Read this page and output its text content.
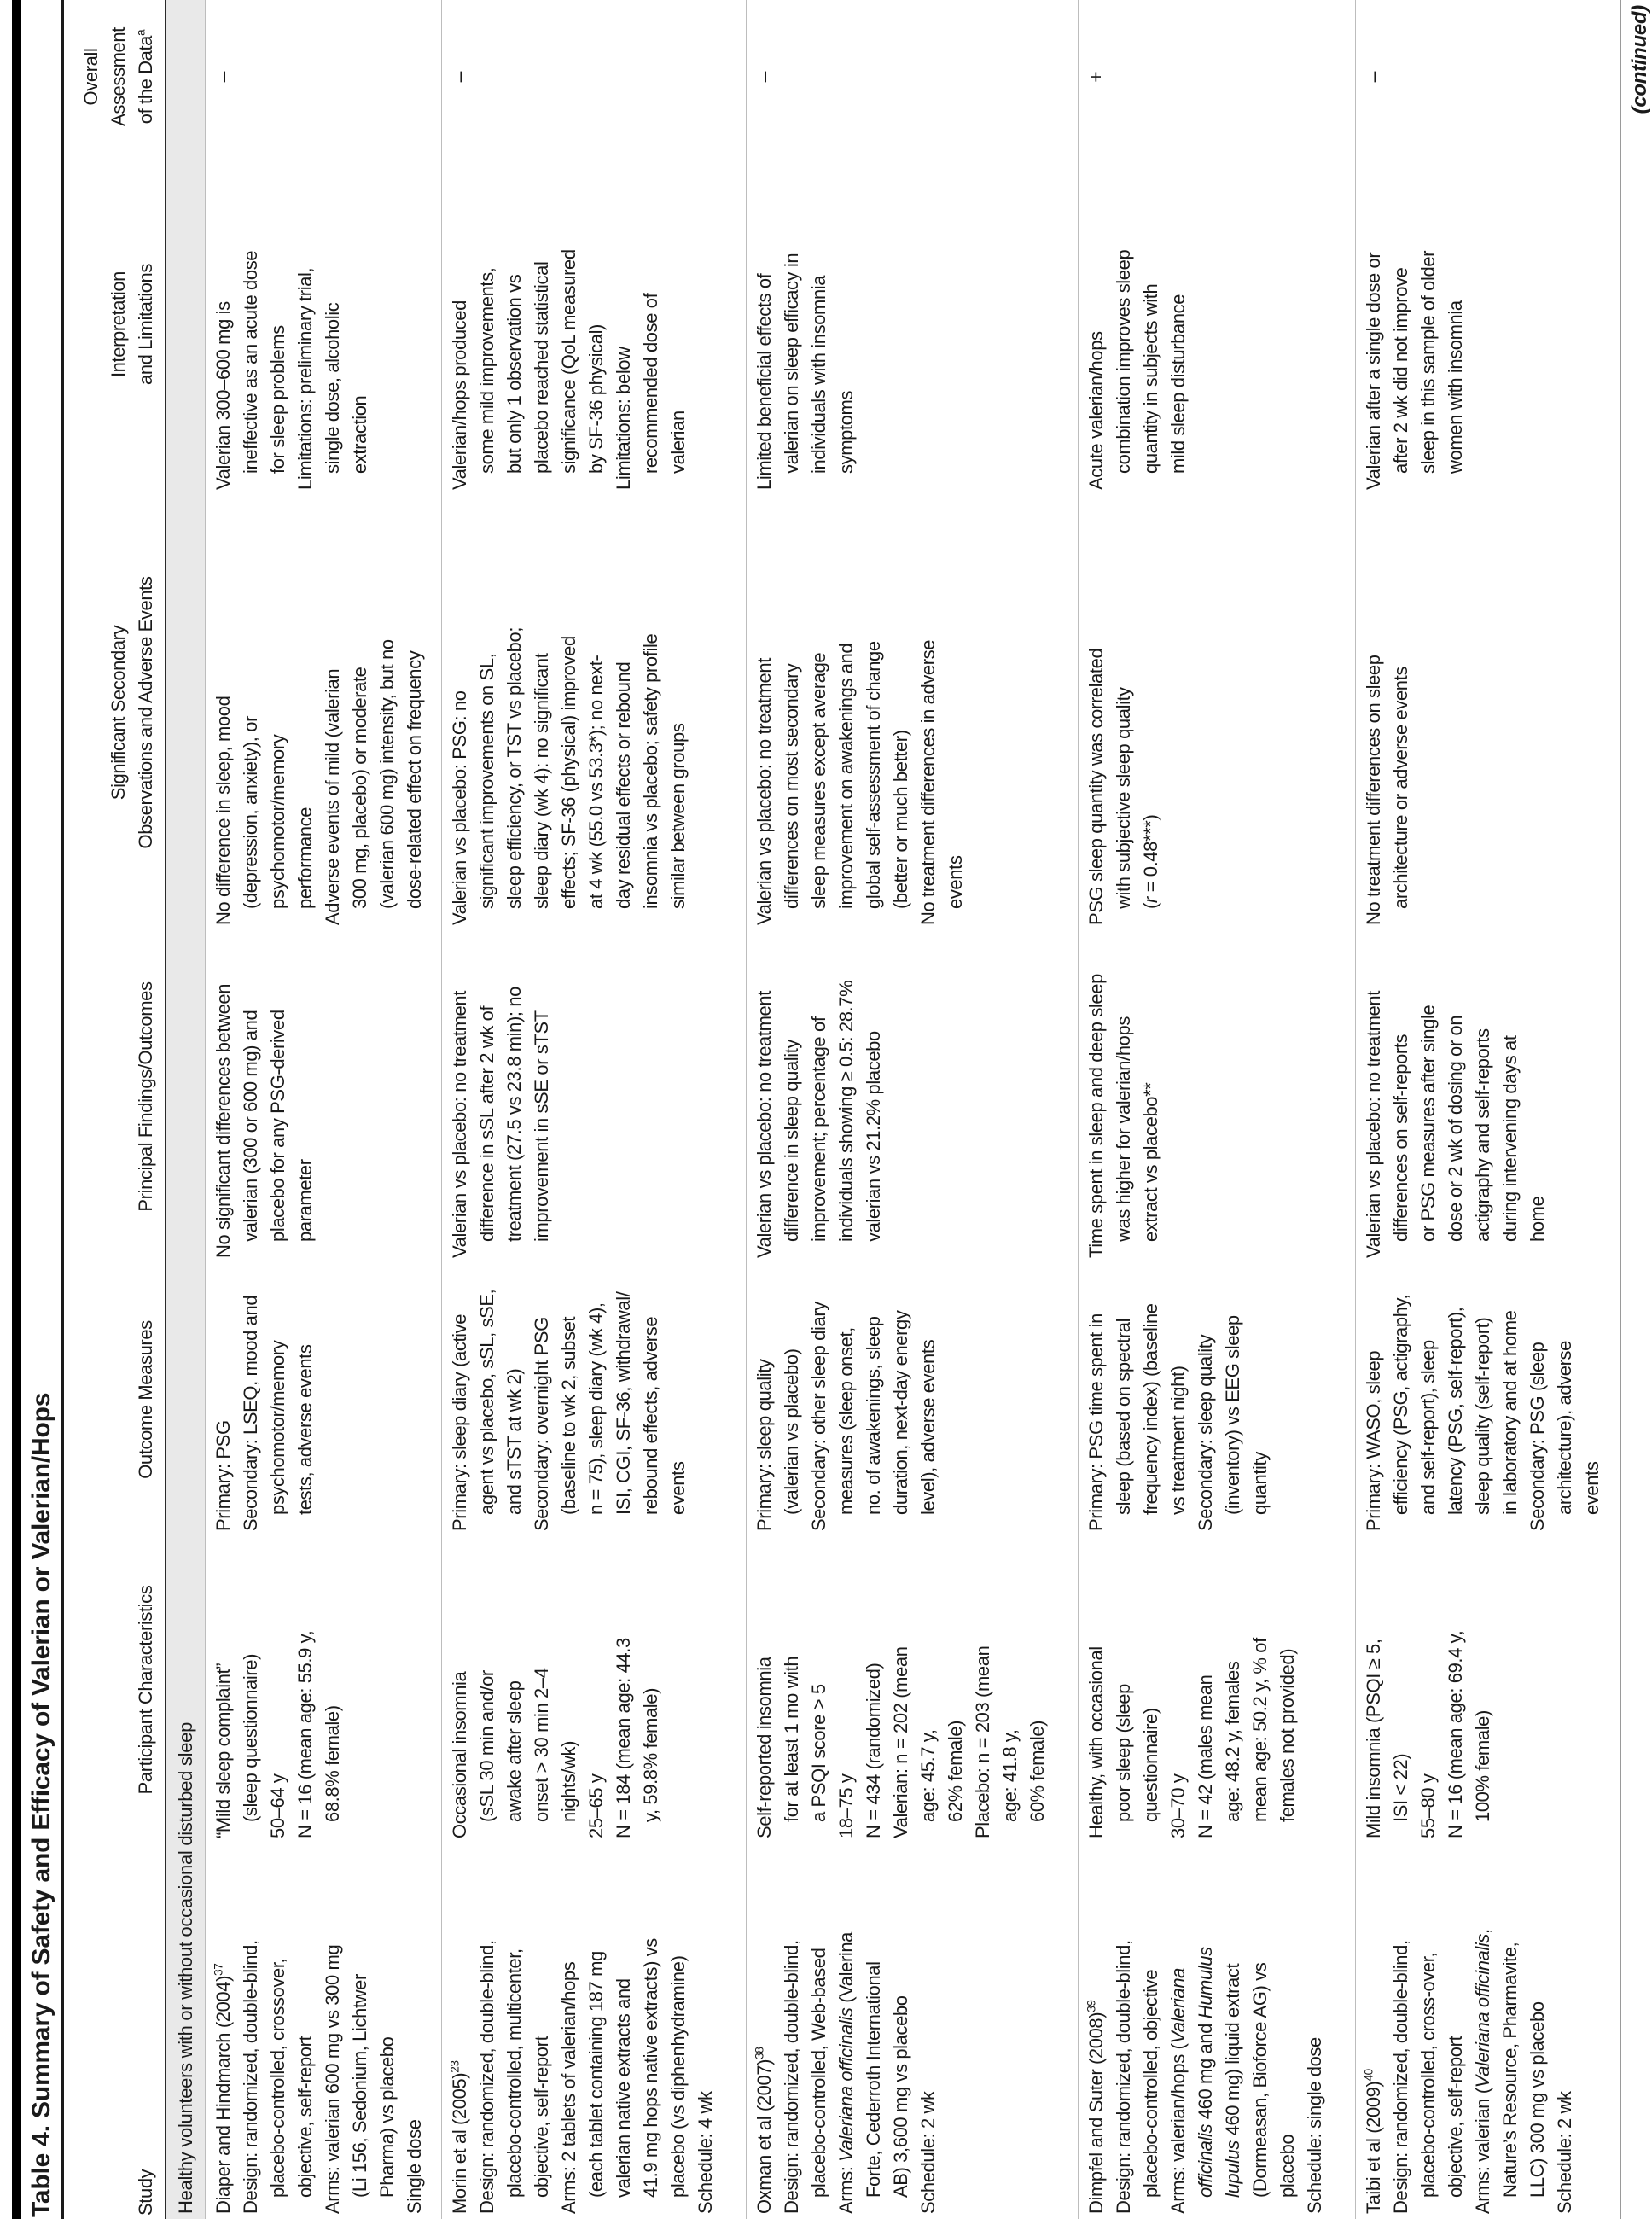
Table 4. Summary of Safety and Efficacy of Valerian or Valerian/Hops	Study
Participant Characteristics
Outcome Measures
Principal Findings/Outcomes
Significant Secondary Observations and Adverse Events
Interpretation and Limitations
Overall Assessment of the Data$^a$
Healthy volunteers with or without occasional disturbed sleep Diaper and Hindmarch $(2004)^{37}$ Design: randomized, double-blind, placebo-controlled, crossover, objective, self-report Arms: valerian 600 mg vs 300 mg (Li 156, Sedonium, Lichtwer Pharma) vs placebo Single dose
“Mild sleep complaint” (sleep questionnaire) 50–64 y N = 16 (mean age: 55.9 y, 68.8% female)
Primary: PSG Secondary: LSEQ, mood and psychomotor/memory tests, adverse events
No significant differences between valerian (300 or 600 mg) and placebo for any PSG-derived parameter
No difference in sleep, mood (depression, anxiety), or psychomotor/memory performance Adverse events of mild (valerian 300 mg, placebo) or moderate (valerian 600 mg) intensity, but no dose-related effect on frequency
Valerian 300–600 mg is ineffective as an acute dose for sleep problems Limitations: preliminary trial, single dose, alcoholic extraction
–
Morin et al $(2005)^{23}$ Design: randomized, double-blind, placebo-controlled, multicenter, objective, self-report Arms: 2 tablets of valerian/hops (each tablet containing 187 mg valerian native extracts and 41.9 mg hops native extracts) vs placebo (vs diphenhydramine) Schedule: 4 wk
Occasional insomnia (sSL 30 min and/or awake after sleep onset > 30 min 2–4 nights/wk) 25–65 y N = 184 (mean age: 44.3 y, 59.8% female)
Primary: sleep diary (active agent vs placebo, sSL, sSE, and sTST at wk 2) Secondary: overnight PSG (baseline to wk 2, subset n = 75), sleep diary (wk 4), ISI, CGI, SF-36, withdrawal/ rebound effects, adverse events
Valerian vs placebo: no treatment difference in sSL after 2 wk of treatment (27.5 vs 23.8 min); no improvement in sSE or sTST
Valerian vs placebo: PSG: no significant improvements on SL, sleep efficiency, or TST vs placebo; sleep diary (wk 4): no significant effects; SF-36 (physical) improved at 4 wk (55.0 vs 53.3*); no next- day residual effects or rebound insomnia vs placebo; safety profile similar between groups
Valerian/hops produced some mild improvements, but only 1 observation vs placebo reached statistical significance (QoL measured by SF-36 physical) Limitations: below recommended dose of valerian
–
Oxman et al $(2007)^{38}$ Design: randomized, double-blind, placebo-controlled, Web-based Arms: Valeriana officinalis (Valerina Forte, Cederroth International AB) 3,600 mg vs placebo Schedule: 2 wk
Self-reported insomnia for at least 1 mo with a PSQI score > 5 18–75 y N = 434 (randomized) Valerian: n = 202 (mean age: 45.7 y, 62% female) Placebo: n = 203 (mean age: 41.8 y, 60% female)
Primary: sleep quality (valerian vs placebo) Secondary: other sleep diary measures (sleep onset, no. of awakenings, sleep duration, next-day energy level), adverse events
Valerian vs placebo: no treatment difference in sleep quality improvement; percentage of individuals showing ≥ 0.5: 28.7% valerian vs 21.2% placebo
Valerian vs placebo: no treatment differences on most secondary sleep measures except average improvement on awakenings and global self-assessment of change (better or much better) No treatment differences in adverse events
Limited beneficial effects of valerian on sleep efficacy in individuals with insomnia symptoms
–
Dimpfel and Suter $(2008)^{39}$ Design: randomized, double-blind, placebo-controlled, objective Arms: valerian/hops (Valeriana
officinalis 460 mg and Humulus
lupulus 460 mg) liquid extract (Dormeasan, Bioforce AG) vs placebo Schedule: single dose
Healthy, with occasional poor sleep (sleep questionnaire) 30–70 y N = 42 (males mean age: 48.2 y, females mean age: 50.2 y, % of females not provided)
Primary: PSG time spent in sleep (based on spectral frequency index) (baseline vs treatment night) Secondary: sleep quality (inventory) vs EEG sleep quantity
Time spent in sleep and deep sleep was higher for valerian/hops extract vs placebo**
PSG sleep quantity was correlated with subjective sleep quality (r = 0.48***)
Acute valerian/hops combination improves sleep quantity in subjects with mild sleep disturbance
+
Taibi et al $(2009)^{40}$ Design: randomized, double-blind, placebo-controlled, cross-over, objective, self-report Arms: valerian (Valeriana officinalis,
Nature’s Resource, Pharmavite, LLC) 300 mg vs placebo Schedule: 2 wk
Mild insomnia (PSQI ≥ 5, ISI < 22) 55–80 y N = 16 (mean age: 69.4 y, 100% female)
Primary: WASO, sleep efficiency (PSG, actigraphy, and self-report), sleep latency (PSG, self-report), sleep quality (self-report) in laboratory and at home Secondary: PSG (sleep architecture), adverse events
Valerian vs placebo: no treatment differences on self-reports or PSG measures after single dose or 2 wk of dosing or on actigraphy and self-reports during intervening days at home
No treatment differences on sleep architecture or adverse events
Valerian after a single dose or after 2 wk did not improve sleep in this sample of older women with insomnia
–	(continued)
